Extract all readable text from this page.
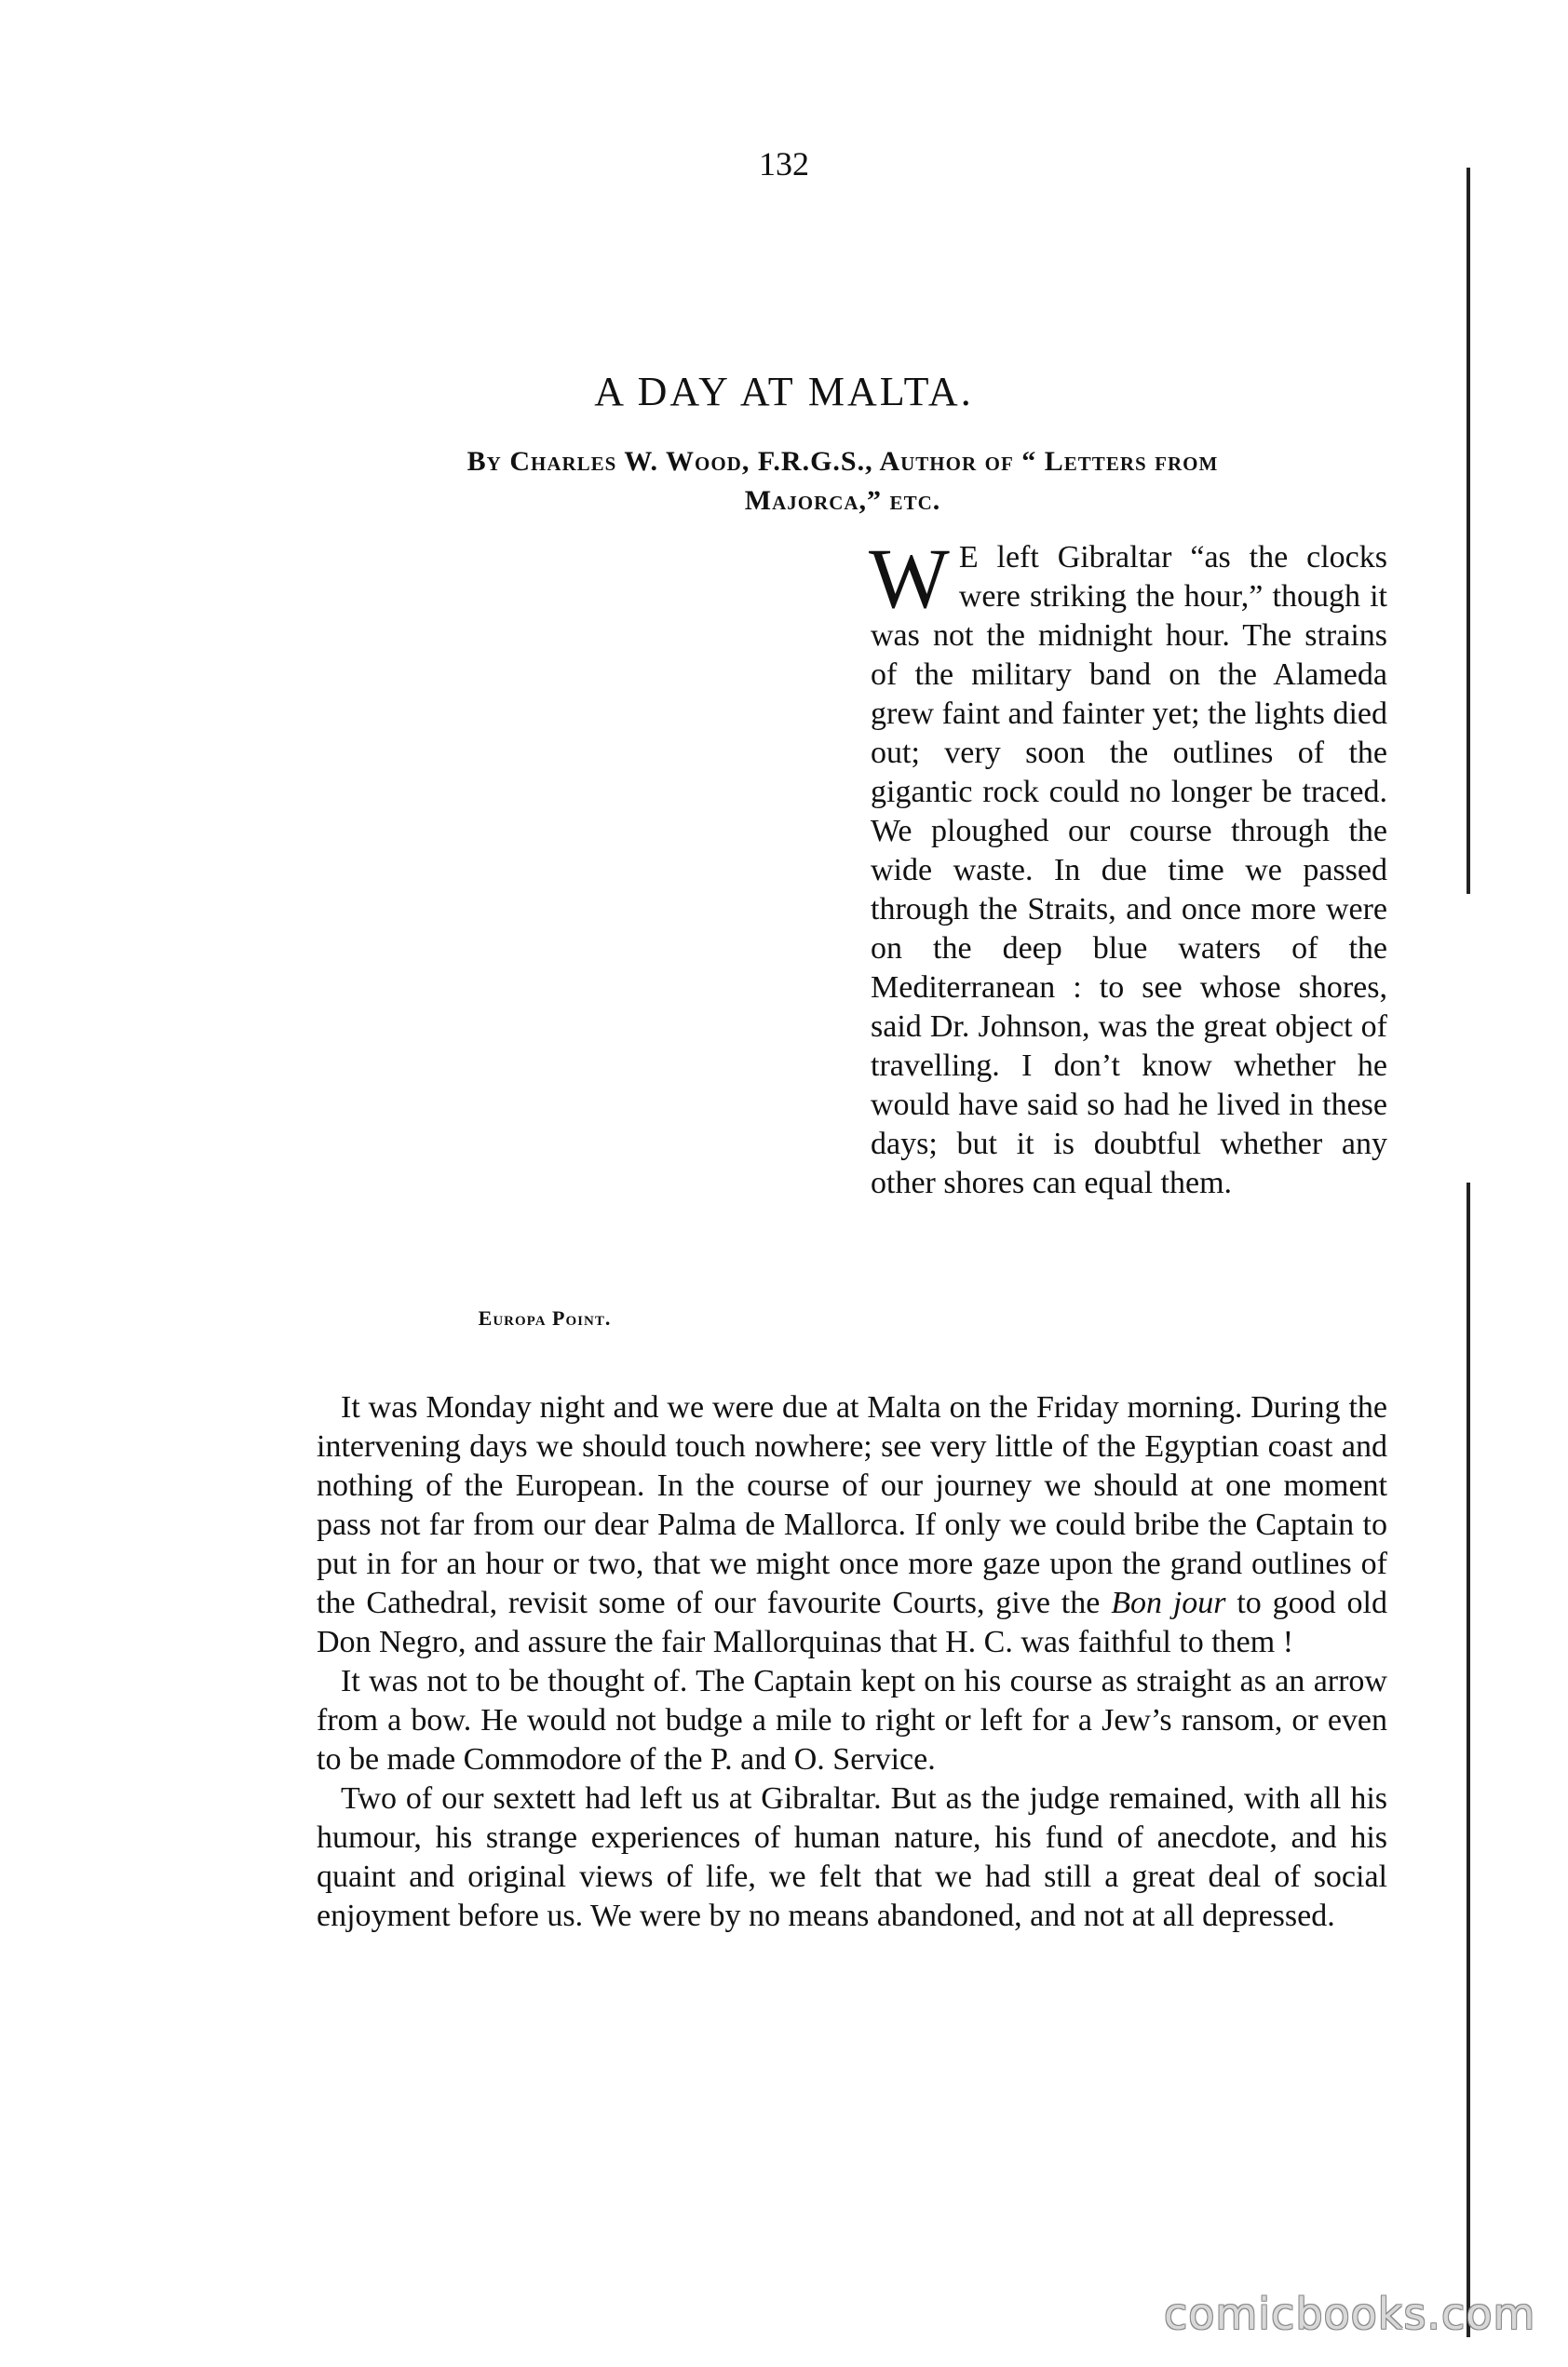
132
A DAY AT MALTA.
By Charles W. Wood, F.R.G.S., Author of “ Letters from
Majorca,” etc.
Europa Point.
W E left Gibraltar “as the clocks were striking the hour,” though it was not the midnight hour. The strains of the military band on the Alameda grew faint and fainter yet; the lights died out; very soon the outlines of the gigantic rock could no longer be traced. We ploughed our course through the wide waste. In due time we passed through the Straits, and once more were on the deep blue waters of the Mediterranean : to see whose shores, said Dr. Johnson, was the great object of travelling. I don’t know whether he would have said so had he lived in these days; but it is doubtful whether any other shores can equal them.

It was Monday night and we were due at Malta on the Friday morning. During the intervening days we should touch nowhere; see very little of the Egyptian coast and nothing of the European. In the course of our journey we should at one moment pass not far from our dear Palma de Mallorca. If only we could bribe the Captain to put in for an hour or two, that we might once more gaze upon the grand outlines of the Cathedral, revisit some of our favourite Courts, give the Bon jour to good old Don Negro, and assure the fair Mallorquinas that H. C. was faithful to them !

It was not to be thought of. The Captain kept on his course as straight as an arrow from a bow. He would not budge a mile to right or left for a Jew’s ransom, or even to be made Commodore of the P. and O. Service.

Two of our sextett had left us at Gibraltar. But as the judge remained, with all his humour, his strange experiences of human nature, his fund of anecdote, and his quaint and original views of life, we felt that we had still a great deal of social enjoyment before us. We were by no means abandoned, and not at all depressed.

comicbooks.com
